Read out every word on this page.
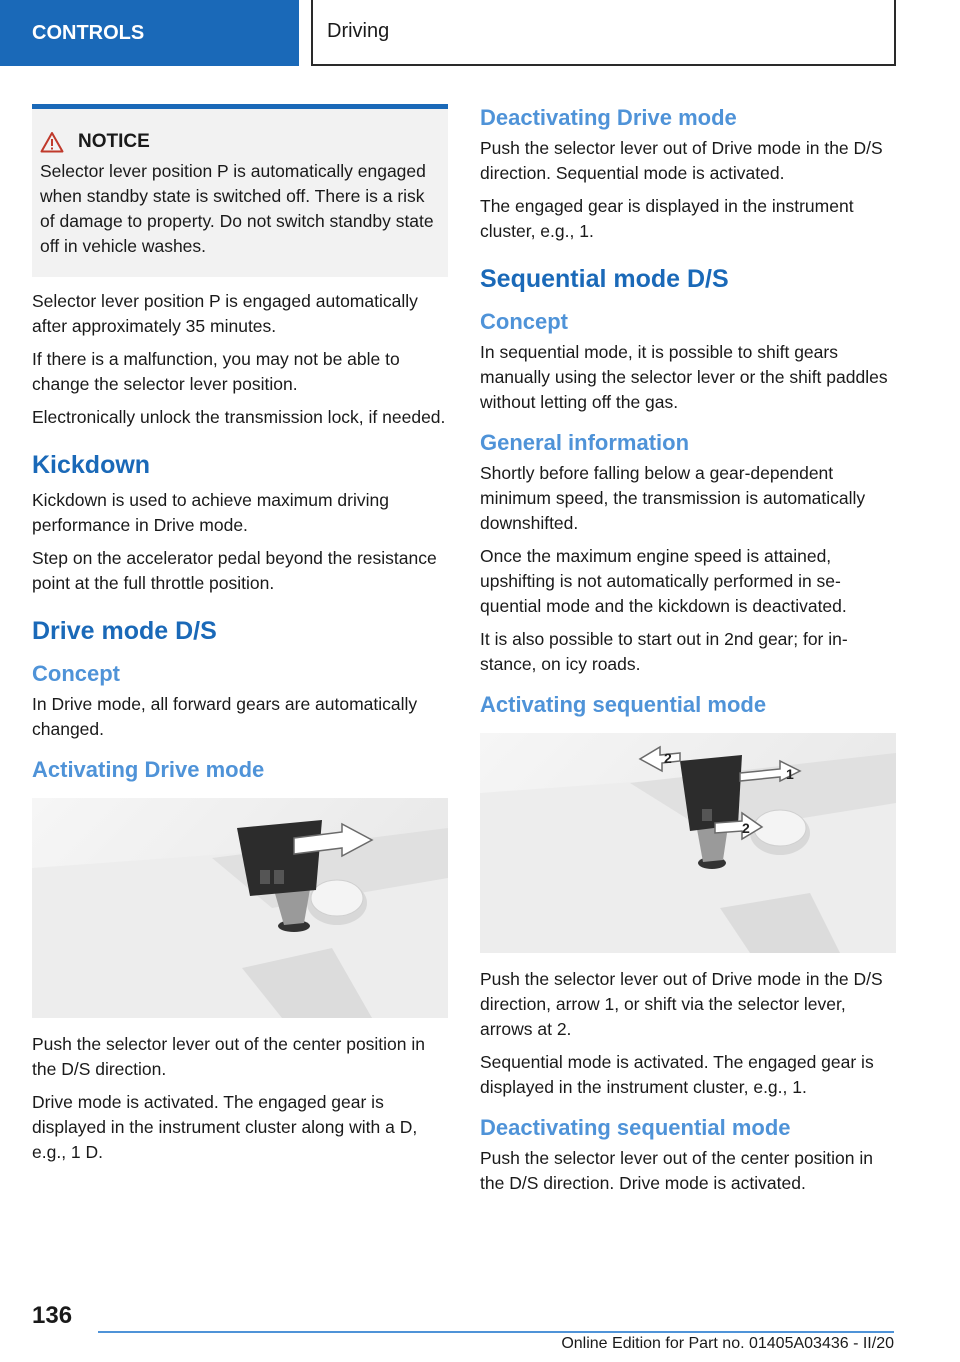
CONTROLS	Driving
NOTICE

Selector lever position P is automatically engaged when standby state is switched off. There is a risk of damage to property. Do not switch standby state off in vehicle washes.

Selector lever position P is engaged automatically after approximately 35 minutes.

If there is a malfunction, you may not be able to change the selector lever position.

Electronically unlock the transmission lock, if needed.

Kickdown

Kickdown is used to achieve maximum driving performance in Drive mode.

Step on the accelerator pedal beyond the resistance point at the full throttle position.

Drive mode D/S
Concept

In Drive mode, all forward gears are automatically changed.

Activating Drive mode

Push the selector lever out of the center position in the D/S direction.

Drive mode is activated. The engaged gear is displayed in the instrument cluster along with a D, e.g., 1 D.

Deactivating Drive mode

Push the selector lever out of Drive mode in the D/S direction. Sequential mode is activated.

The engaged gear is displayed in the instrument cluster, e.g., 1.

Sequential mode D/S
Concept

In sequential mode, it is possible to shift gears manually using the selector lever or the shift paddles without letting off the gas.

General information

Shortly before falling below a gear-dependent minimum speed, the transmission is automatically downshifted.

Once the maximum engine speed is attained, upshifting is not automatically performed in sequential mode and the kickdown is deactivated.

It is also possible to start out in 2nd gear; for instance, on icy roads.

Activating sequential mode
1
2
2

Push the selector lever out of Drive mode in the D/S direction, arrow 1, or shift via the selector lever, arrows at 2.

Sequential mode is activated. The engaged gear is displayed in the instrument cluster, e.g., 1.

Deactivating sequential mode

Push the selector lever out of the center position in the D/S direction. Drive mode is activated.

136
Online Edition for Part no. 01405A03436 - II/20
